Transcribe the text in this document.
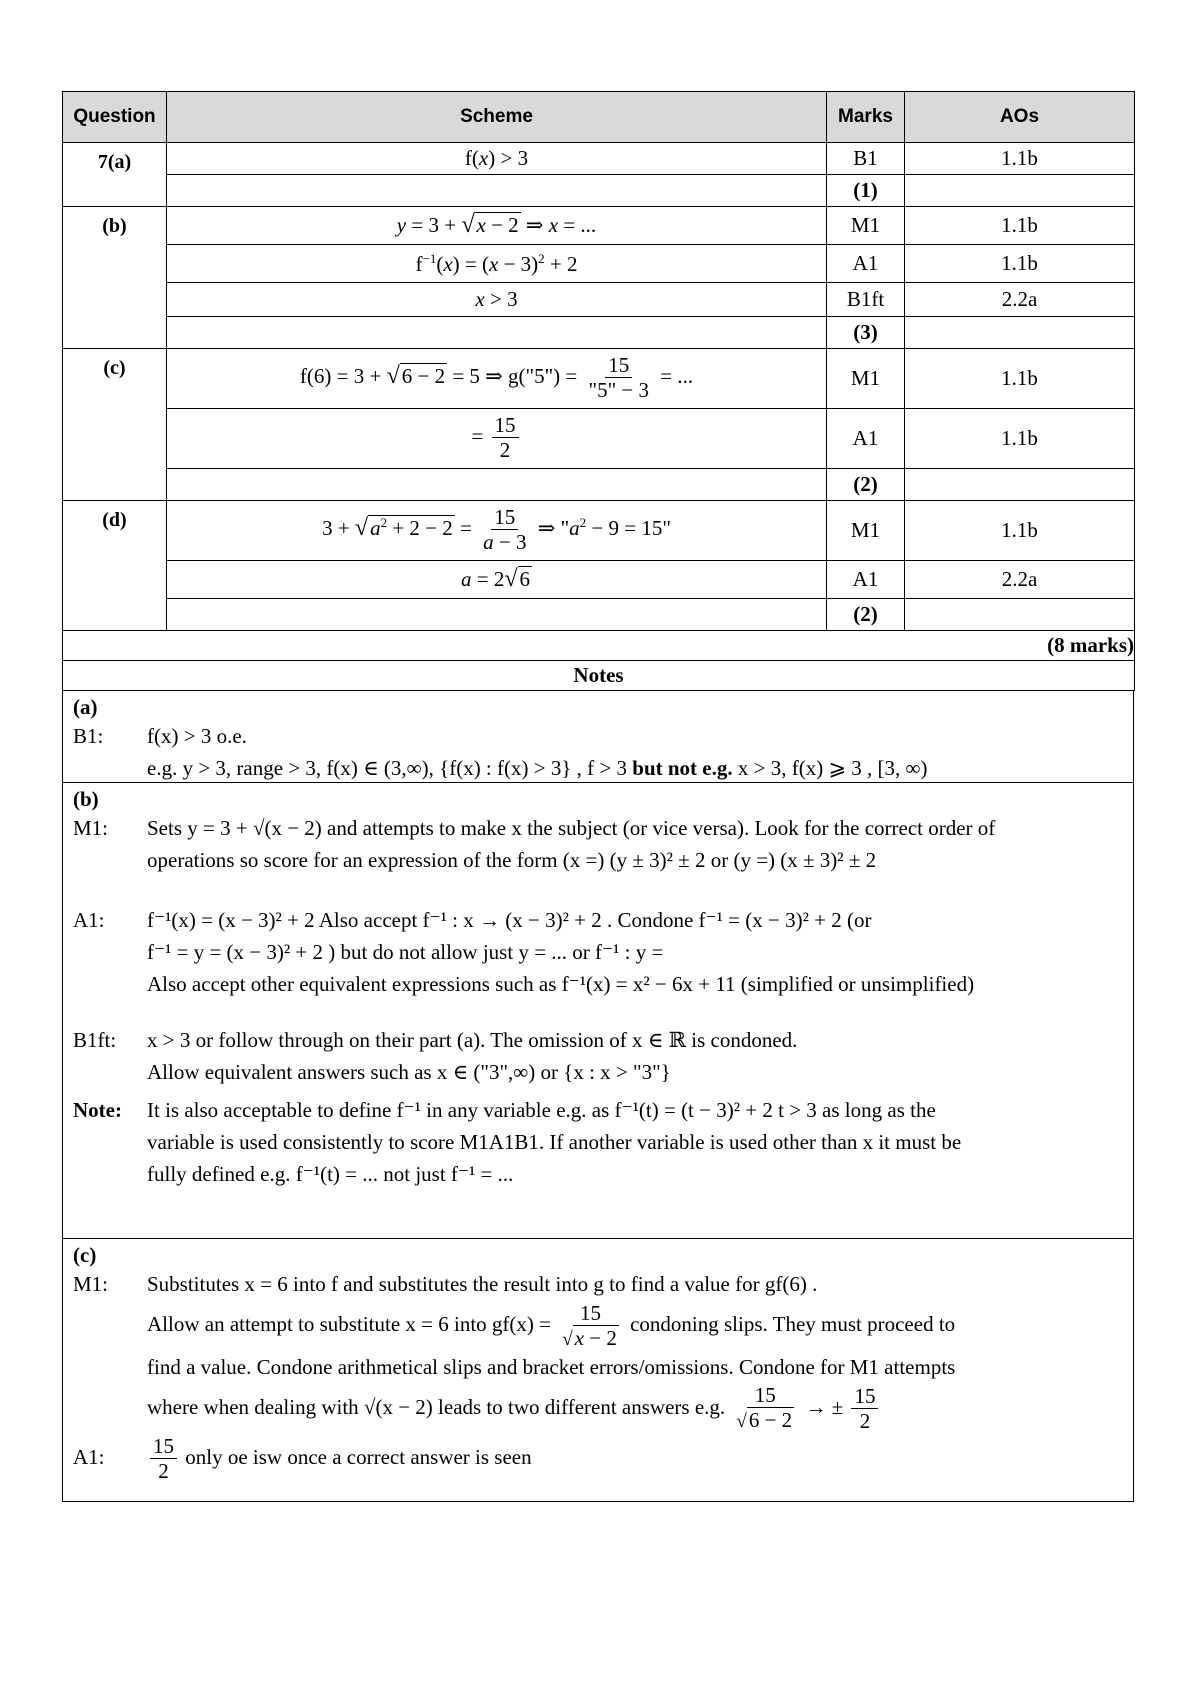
Question	Scheme	Marks	AOs
7(a)	f(x) > 3	B1	1.1b
		(1)	
(b)	y = 3 + √x − 2 ⇒ x = ...	M1	1.1b
	$f^{-1}(x) = (x - 3)^2 + 2$	A1	1.1b
	x > 3	B1ft	2.2a
		(3)	
(c)	f(6) = 3 + √6 − 2 = 5 ⇒ g("5") = $\frac{15}{"5" - 3}$ = ...	M1	1.1b
	= $\frac{15}{2}$	A1	1.1b
		(2)	
(d)	$3 + √a^2 + 2 - 2 = \frac{15}{a - 3}$ ⇒ "$a^2 - 9 = 15$"	M1	1.1b
	a = 2√6	A1	2.2a
		(2)	
(8 marks)			
Notes			
(a)
B1:	f(x) > 3 o.e.
e.g. y > 3, range > 3, f(x) ∈ (3,∞), {f(x) : f(x) > 3} , f > 3 but not e.g. x > 3, f(x) ⩾ 3 , [3, ∞)
(b)
M1:	Sets y = 3 + √(x − 2) and attempts to make x the subject (or vice versa). Look for the correct order of
operations so score for an expression of the form (x =) (y ± 3)² ± 2 or (y =) (x ± 3)² ± 2
A1:	f⁻¹(x) = (x − 3)² + 2 Also accept f⁻¹ : x → (x − 3)² + 2 . Condone f⁻¹ = (x − 3)² + 2 (or
f⁻¹ = y = (x − 3)² + 2 ) but do not allow just y = ... or f⁻¹ : y =
Also accept other equivalent expressions such as f⁻¹(x) = x² − 6x + 11 (simplified or unsimplified)
B1ft:	x > 3 or follow through on their part (a). The omission of x ∈ ℝ is condoned.
Allow equivalent answers such as x ∈ ("3",∞) or {x : x > "3"}
Note:	It is also acceptable to define f⁻¹ in any variable e.g. as f⁻¹(t) = (t − 3)² + 2 t > 3 as long as the
variable is used consistently to score M1A1B1. If another variable is used other than x it must be
fully defined e.g. f⁻¹(t) = ... not just f⁻¹ = ...
(c)
M1:	Substitutes x = 6 into f and substitutes the result into g to find a value for gf(6) .
Allow an attempt to substitute x = 6 into $gf(x) = \frac{15}{√x - 2}$ condoning slips. They must proceed to
find a value. Condone arithmetical slips and bracket errors/omissions. Condone for M1 attempts
where when dealing with √(x − 2) leads to two different answers e.g. $\frac{15}{√6 - 2}$ → ± $\frac{15}{2}$
A1:	$\frac{15}{2}$ only oe isw once a correct answer is seen
